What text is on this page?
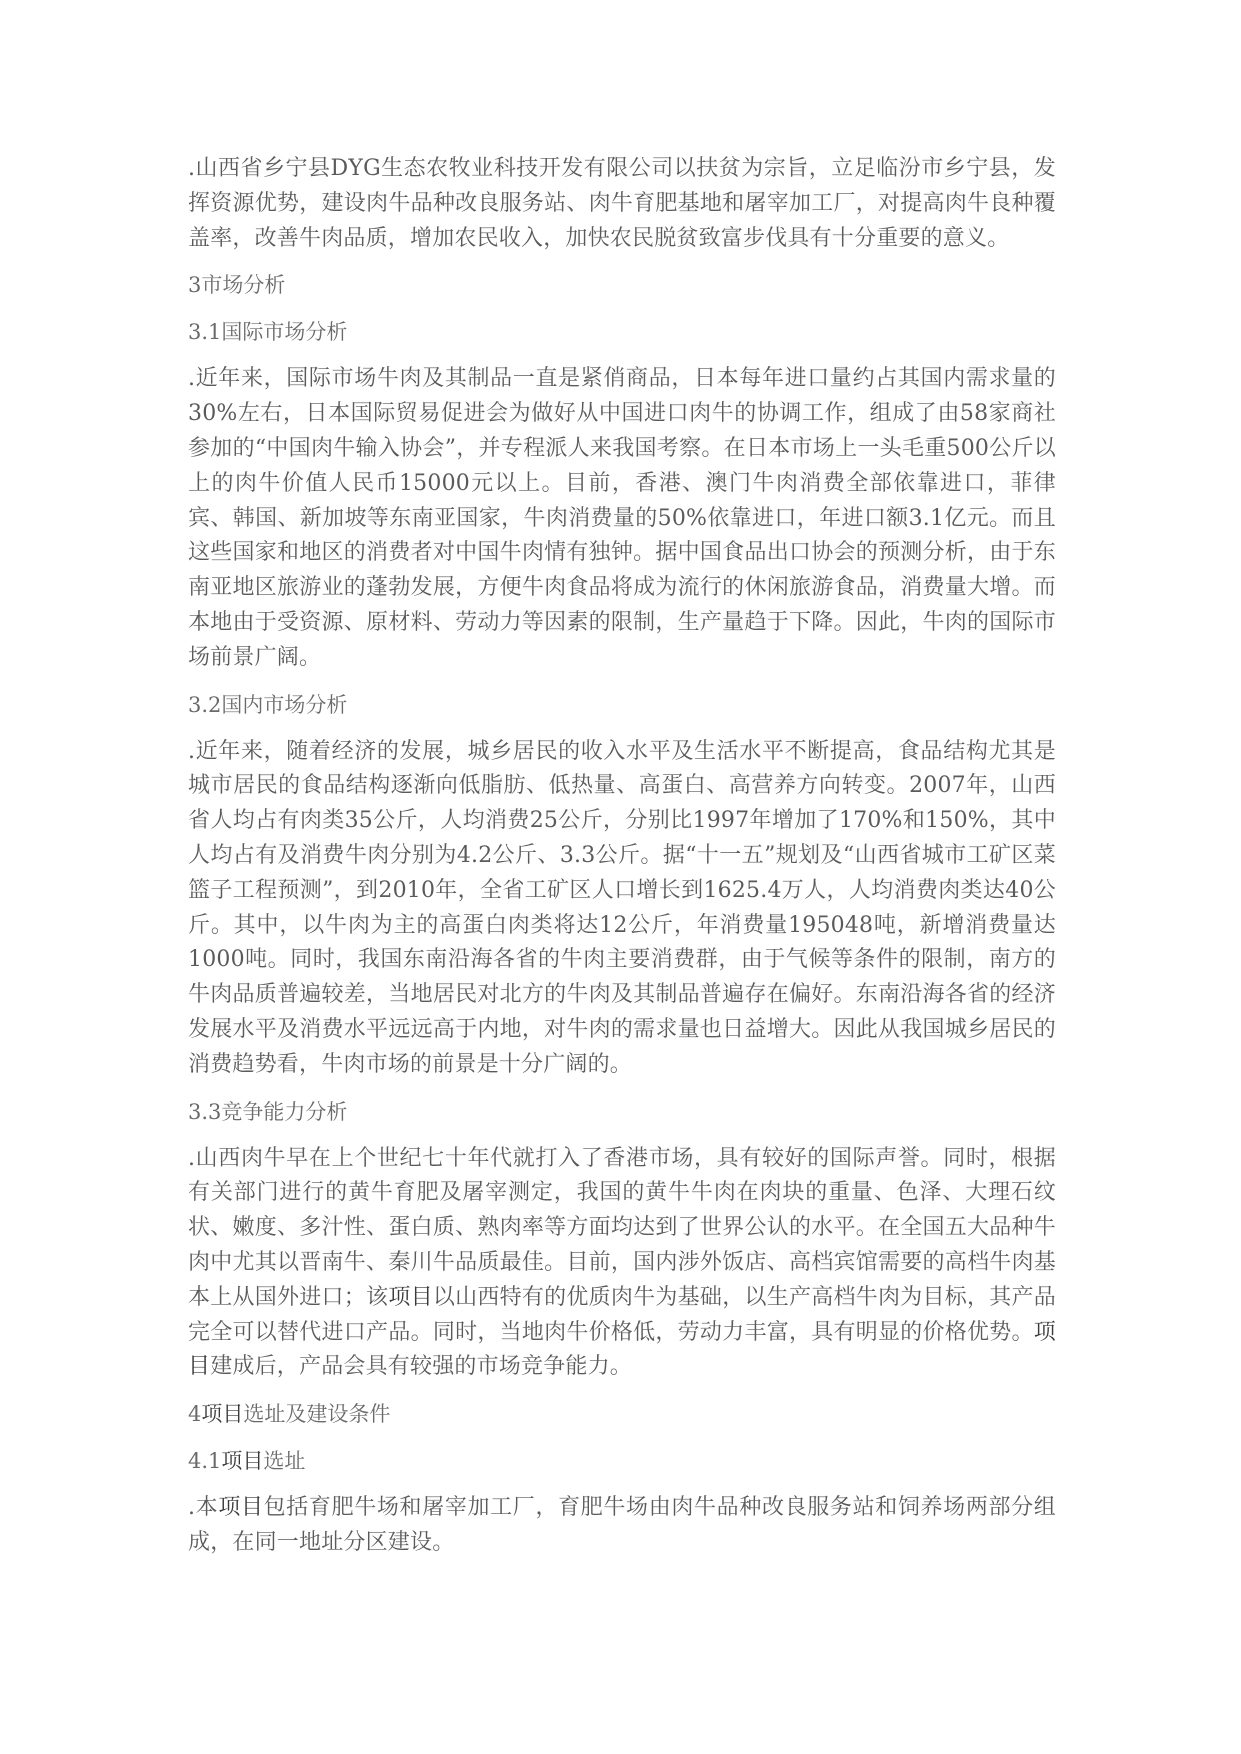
.山西省乡宁县DYG生态农牧业科技开发有限公司以扶贫为宗旨，立足临汾市乡宁县，发挥资源优势，建设肉牛品种改良服务站、肉牛育肥基地和屠宰加工厂，对提高肉牛良种覆盖率，改善牛肉品质，增加农民收入，加快农民脱贫致富步伐具有十分重要的意义。

3市场分析

3.1国际市场分析

.近年来，国际市场牛肉及其制品一直是紧俏商品，日本每年进口量约占其国内需求量的30%左右，日本国际贸易促进会为做好从中国进口肉牛的协调工作，组成了由58家商社参加的“中国肉牛输入协会”，并专程派人来我国考察。在日本市场上一头毛重500公斤以上的肉牛价值人民币15000元以上。目前，香港、澳门牛肉消费全部依靠进口，菲律宾、韩国、新加坡等东南亚国家，牛肉消费量的50%依靠进口，年进口额3.1亿元。而且这些国家和地区的消费者对中国牛肉情有独钟。据中国食品出口协会的预测分析，由于东南亚地区旅游业的蓬勃发展，方便牛肉食品将成为流行的休闲旅游食品，消费量大增。而本地由于受资源、原材料、劳动力等因素的限制，生产量趋于下降。因此，牛肉的国际市场前景广阔。

3.2国内市场分析

.近年来，随着经济的发展，城乡居民的收入水平及生活水平不断提高，食品结构尤其是城市居民的食品结构逐渐向低脂肪、低热量、高蛋白、高营养方向转变。2007年，山西省人均占有肉类35公斤，人均消费25公斤，分别比1997年增加了170%和150%，其中人均占有及消费牛肉分别为4.2公斤、3.3公斤。据“十一五”规划及“山西省城市工矿区菜篮子工程预测”，到2010年，全省工矿区人口增长到1625.4万人，人均消费肉类达40公斤。其中，以牛肉为主的高蛋白肉类将达12公斤，年消费量195048吨，新增消费量达1000吨。同时，我国东南沿海各省的牛肉主要消费群，由于气候等条件的限制，南方的牛肉品质普遍较差，当地居民对北方的牛肉及其制品普遍存在偏好。东南沿海各省的经济发展水平及消费水平远远高于内地，对牛肉的需求量也日益增大。因此从我国城乡居民的消费趋势看，牛肉市场的前景是十分广阔的。

3.3竞争能力分析

.山西肉牛早在上个世纪七十年代就打入了香港市场，具有较好的国际声誉。同时，根据有关部门进行的黄牛育肥及屠宰测定，我国的黄牛牛肉在肉块的重量、色泽、大理石纹状、嫩度、多汁性、蛋白质、熟肉率等方面均达到了世界公认的水平。在全国五大品种牛肉中尤其以晋南牛、秦川牛品质最佳。目前，国内涉外饭店、高档宾馆需要的高档牛肉基本上从国外进口；该项目以山西特有的优质肉牛为基础，以生产高档牛肉为目标，其产品完全可以替代进口产品。同时，当地肉牛价格低，劳动力丰富，具有明显的价格优势。项目建成后，产品会具有较强的市场竞争能力。

4项目选址及建设条件

4.1项目选址

.本项目包括育肥牛场和屠宰加工厂，育肥牛场由肉牛品种改良服务站和饲养场两部分组成，在同一地址分区建设。
